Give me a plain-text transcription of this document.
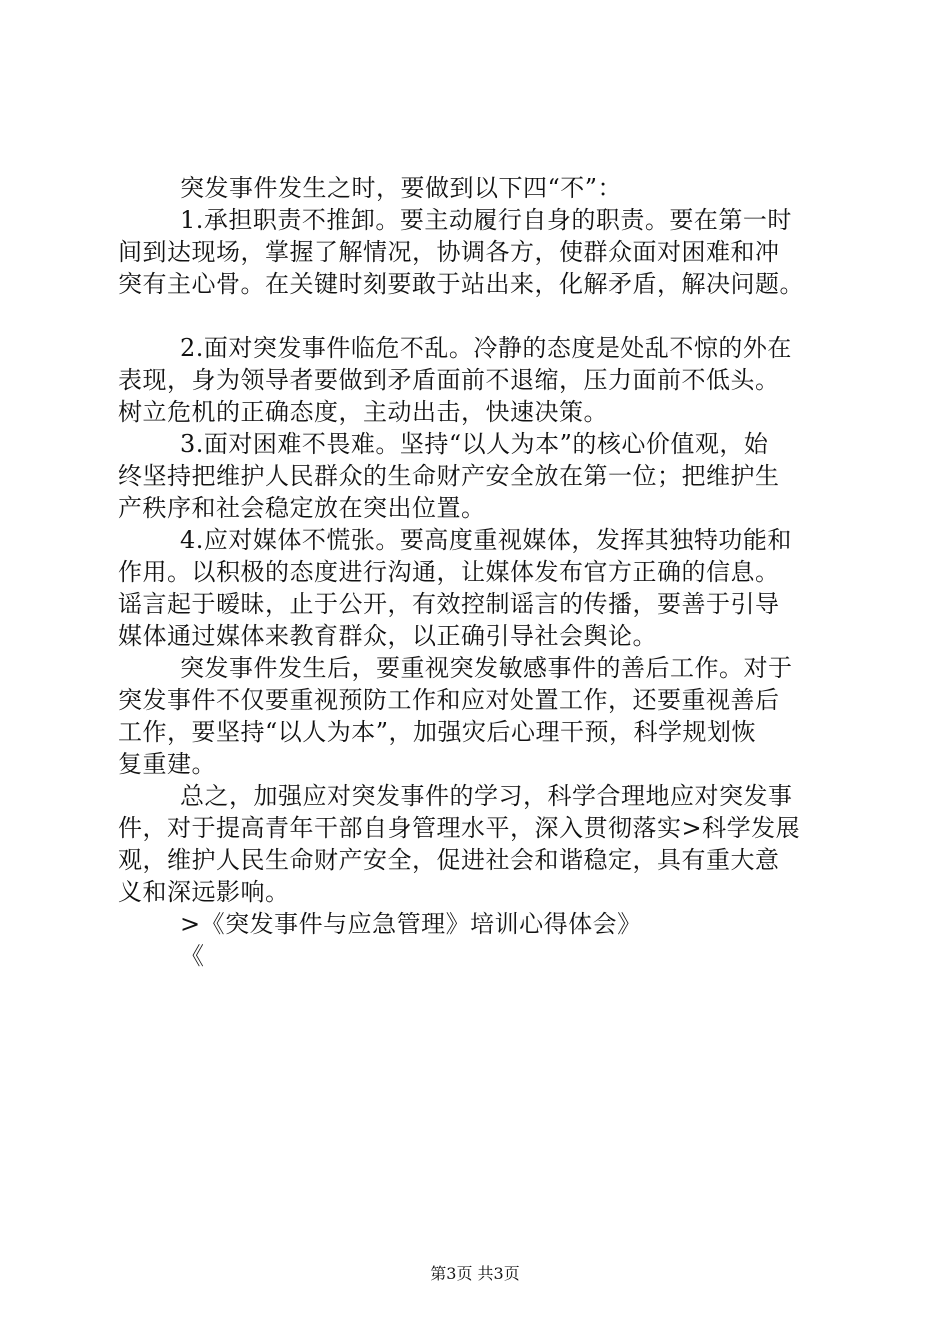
突发事件发生之时，要做到以下四“不”：
1.承担职责不推卸。要主动履行自身的职责。要在第一时
间到达现场，掌握了解情况，协调各方，使群众面对困难和冲
突有主心骨。在关键时刻要敢于站出来，化解矛盾，解决问题。
2.面对突发事件临危不乱。冷静的态度是处乱不惊的外在
表现，身为领导者要做到矛盾面前不退缩，压力面前不低头。
树立危机的正确态度，主动出击，快速决策。
3.面对困难不畏难。坚持“以人为本”的核心价值观，始
终坚持把维护人民群众的生命财产安全放在第一位；把维护生
产秩序和社会稳定放在突出位置。
4.应对媒体不慌张。要高度重视媒体，发挥其独特功能和
作用。以积极的态度进行沟通，让媒体发布官方正确的信息。
谣言起于暧昧，止于公开，有效控制谣言的传播，要善于引导
媒体通过媒体来教育群众，以正确引导社会舆论。
突发事件发生后，要重视突发敏感事件的善后工作。对于
突发事件不仅要重视预防工作和应对处置工作，还要重视善后
工作，要坚持“以人为本”，加强灾后心理干预，科学规划恢
复重建。
总之，加强应对突发事件的学习，科学合理地应对突发事
件，对于提高青年干部自身管理水平，深入贯彻落实>科学发展
观，维护人民生命财产安全，促进社会和谐稳定，具有重大意
义和深远影响。
>《突发事件与应急管理》培训心得体会》
《
第3页 共3页
